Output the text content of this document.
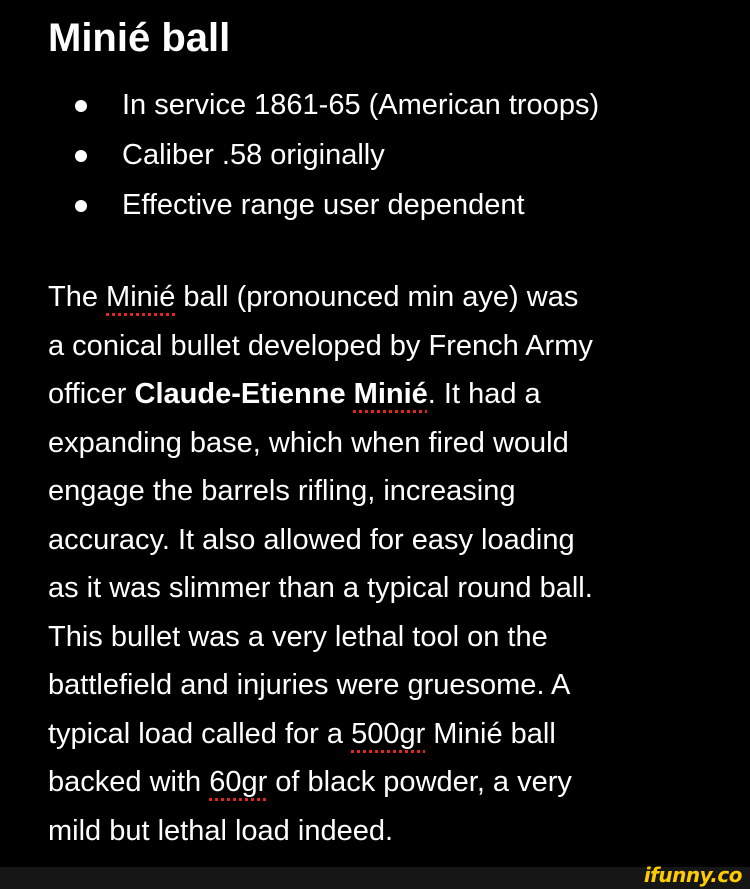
Minié ball
In service 1861-65 (American troops)
Caliber .58 originally
Effective range user dependent
The Minié ball (pronounced min aye) was
a conical bullet developed by French Army
officer Claude-Etienne Minié. It had a
expanding base, which when fired would
engage the barrels rifling, increasing
accuracy. It also allowed for easy loading
as it was slimmer than a typical round ball.
This bullet was a very lethal tool on the
battlefield and injuries were gruesome. A
typical load called for a 500gr Minié ball
backed with 60gr of black powder, a very
mild but lethal load indeed.
ifunny.co
